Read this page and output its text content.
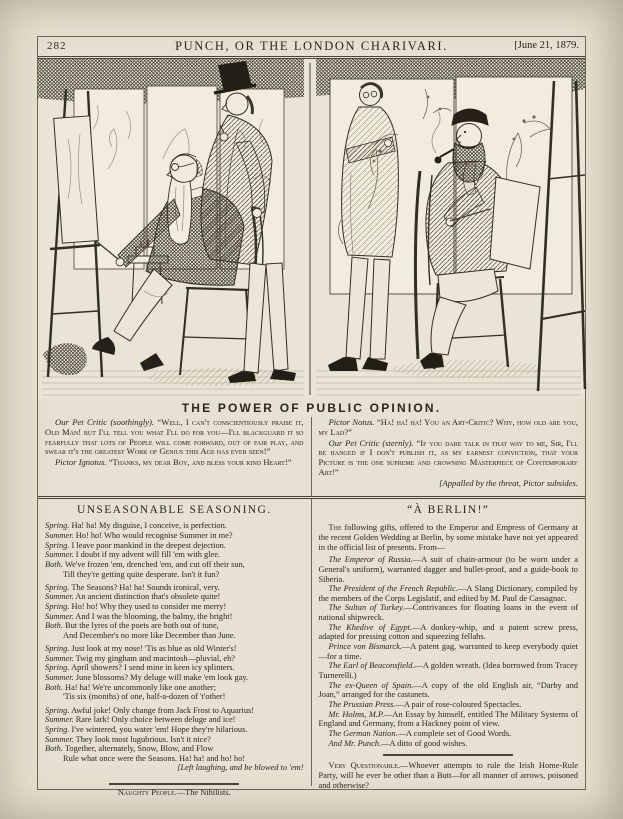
282	PUNCH, OR THE LONDON CHARIVARI.	[June 21, 1879.
THE POWER OF PUBLIC OPINION.

Our Pet Critic (soothingly). “Well, I can't conscientiously praise it, Old Man! but I'll tell you what I'll do for you—I'll blackguard it so fearfully that lots of People will come forward, out of fair play, and swear it's the greatest Work of Genius this Age has ever seen!”

Pictor Ignotus. “Thanks, my dear Boy, and bless your kind Heart!”

Pictor Notus. “Ha! ha! ha! You an Art-Critic? Why, how old are you, my Lad?”

Our Pet Critic (sternly). “If you dare talk in that way to me, Sir, I'll be hanged if I don't publish it, as my earnest conviction, that your Picture is the one supreme and crowning Masterpiece of Contemporary Art!”

[Appalled by the threat, Pictor subsides.

UNSEASONABLE SEASONING.

Spring. Ha! ha! My disguise, I conceive, is perfection.

Summer. Ho! ho! Who would recognise Summer in me?

Spring. I leave poor mankind in the deepest dejection.

Summer. I doubt if my advent will fill 'em with glee.

Both. We've frozen 'em, drenched 'em, and cut off their sun,

Till they're getting quite desperate. Isn't it fun?

Spring. The Seasons? Ha! ha! Sounds ironical, very.

Summer. An ancient distinction that's obsolete quite!

Spring. Ho! ho! Why they used to consider me merry!

Summer. And I was the blooming, the balmy, the bright!

Both. But the lyres of the poets are both out of tune,

And December's no more like December than June.

Spring. Just look at my nose! 'Tis as blue as old Winter's!

Summer. Twig my gingham and macintosh—pluvial, eh?

Spring. April showers? I send mine in keen icy splinters.

Summer. June blossoms? My deluge will make 'em look gay.

Both. Ha! ha! We're uncommonly like one another;

'Tis six (months) of one, half-a-dozen of 't'other!

Spring. Awful joke! Only change from Jack Frost to Aquarius!

Summer. Rare lark! Only choice between deluge and ice!

Spring. I've wintered, you water 'em! Hope they're hilarious.

Summer. They look most lugubrious. Isn't it nice?

Both. Together, alternately, Snow, Blow, and Flow

Rule what once were the Seasons. Ha! ha! and ho! ho!

[Left laughing, and be blowed to 'em!

Naughty People.—The Nihilists.

“À BERLIN!”

The following gifts, offered to the Emperor and Empress of Germany at the recent Golden Wedding at Berlin, by some mistake have not yet appeared in the official list of presents. From—

The Emperor of Russia.—A suit of chain-armour (to be worn under a General's uniform), warranted dagger and bullet-proof, and a guide-book to Siberia.

The President of the French Republic.—A Slang Dictionary, compiled by the members of the Corps Legislatif, and edited by M. Paul de Cassagnac.

The Sultan of Turkey.—Contrivances for floating loans in the event of national shipwreck.

The Khedive of Egypt.—A donkey-whip, and a patent screw press, adapted for pressing cotton and squeezing fellahs.

Prince von Bismarck.—A patent gag, warranted to keep everybody quiet—for a time.

The Earl of Beaconsfield.—A golden wreath. (Idea borrowed from Tracey Turnerelli.)

The ex-Queen of Spain.—A copy of the old English air, “Darby and Joan,” arranged for the castanets.

The Prussian Press.—A pair of rose-coloured Spectacles.

Mr. Holms, M.P.—An Essay by himself, entitled The Military Systems of England and Germany, from a Hackney point of view.

The German Nation.—A complete set of Good Words.

And Mr. Punch.—A ditto of good wishes.

Very Questionable.—Whoever attempts to rule the Irish Home-Rule Party, will he ever be other than a Butt—for all manner of arrows, poisoned and otherwise?
